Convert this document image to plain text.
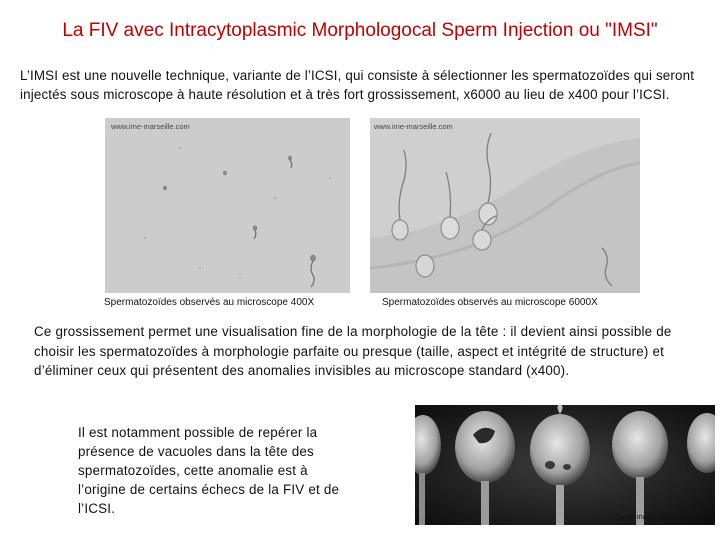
La FIV avec Intracytoplasmic Morphologocal Sperm Injection ou "IMSI"
L’IMSI est une nouvelle technique, variante de l’ICSI, qui consiste à sélectionner les spermatozoïdes qui seront injectés sous microscope à haute résolution et à très fort grossissement, x6000 au lieu de x400 pour l’ICSI.
www.ime-marseille.com
Spermatozoïdes observés au microscope 400X
www.ime-marseille.com
Spermatozoïdes observés au microscope 6000X
Ce grossissement permet une visualisation fine de la morphologie de la tête : il devient ainsi possible de choisir les spermatozoïdes à morphologie parfaite ou presque (taille, aspect et intégrité de structure) et d’éliminer ceux qui présentent des anomalies invisibles au microscope standard (x400).
Il est notamment possible de repérer la présence de vacuoles dans la tête des spermatozoïdes, cette anomalie est à l’origine de certains échecs de la FIV et de l’ICSI.
www.maternite-parly2.com
